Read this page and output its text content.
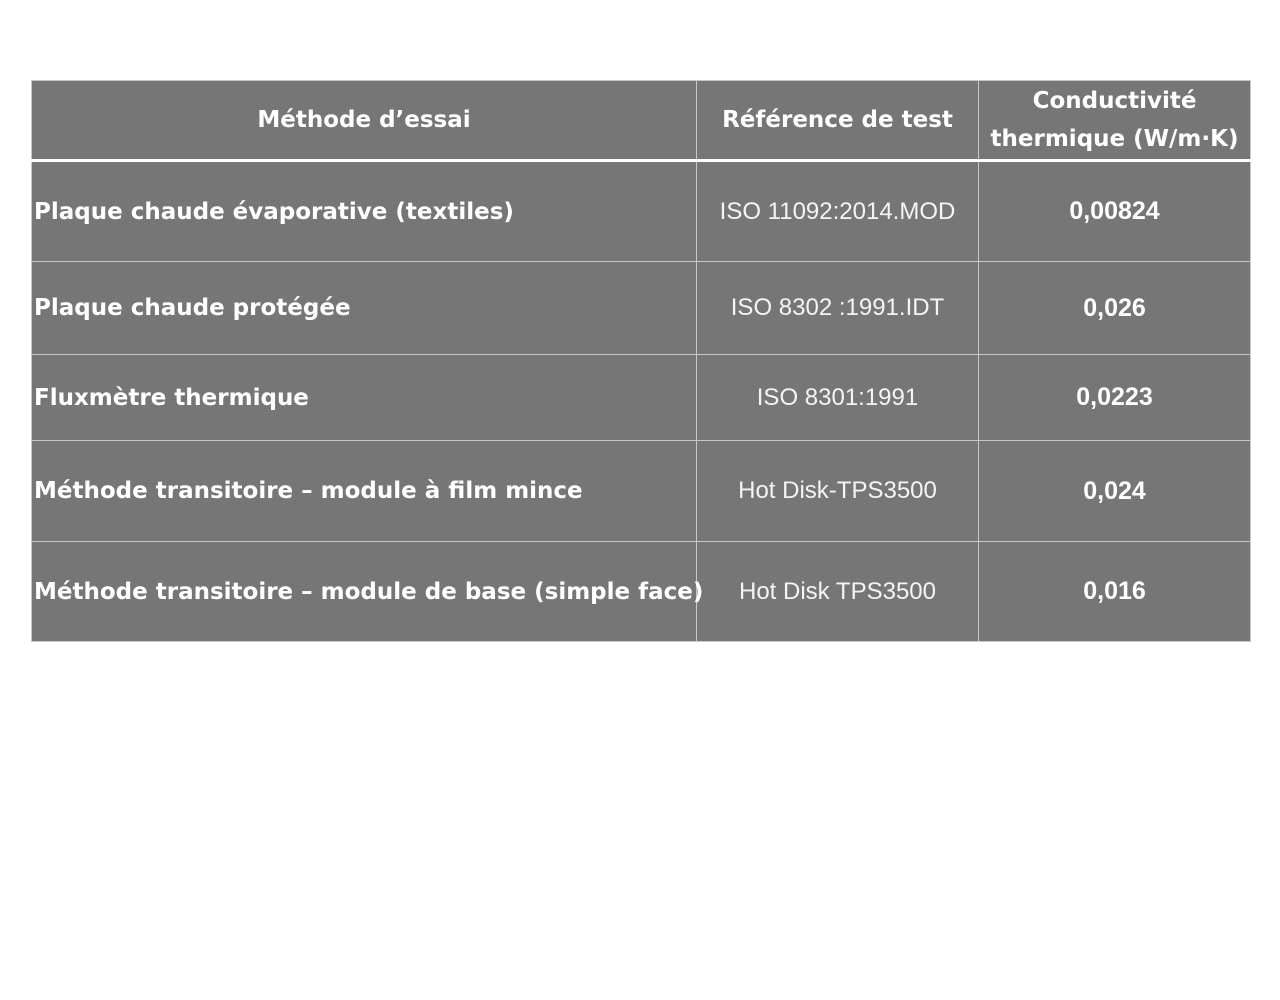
Méthode d’essai	Référence de test	Conductivité thermique (W/m·K)
Plaque chaude évaporative (textiles)	ISO 11092:2014.MOD	0,00824
Plaque chaude protégée	ISO 8302 :1991.IDT	0,026
Fluxmètre thermique	ISO 8301:1991	0,0223
Méthode transitoire – module à film mince	Hot Disk-TPS3500	0,024
Méthode transitoire – module de base (simple face)	Hot Disk TPS3500	0,016
